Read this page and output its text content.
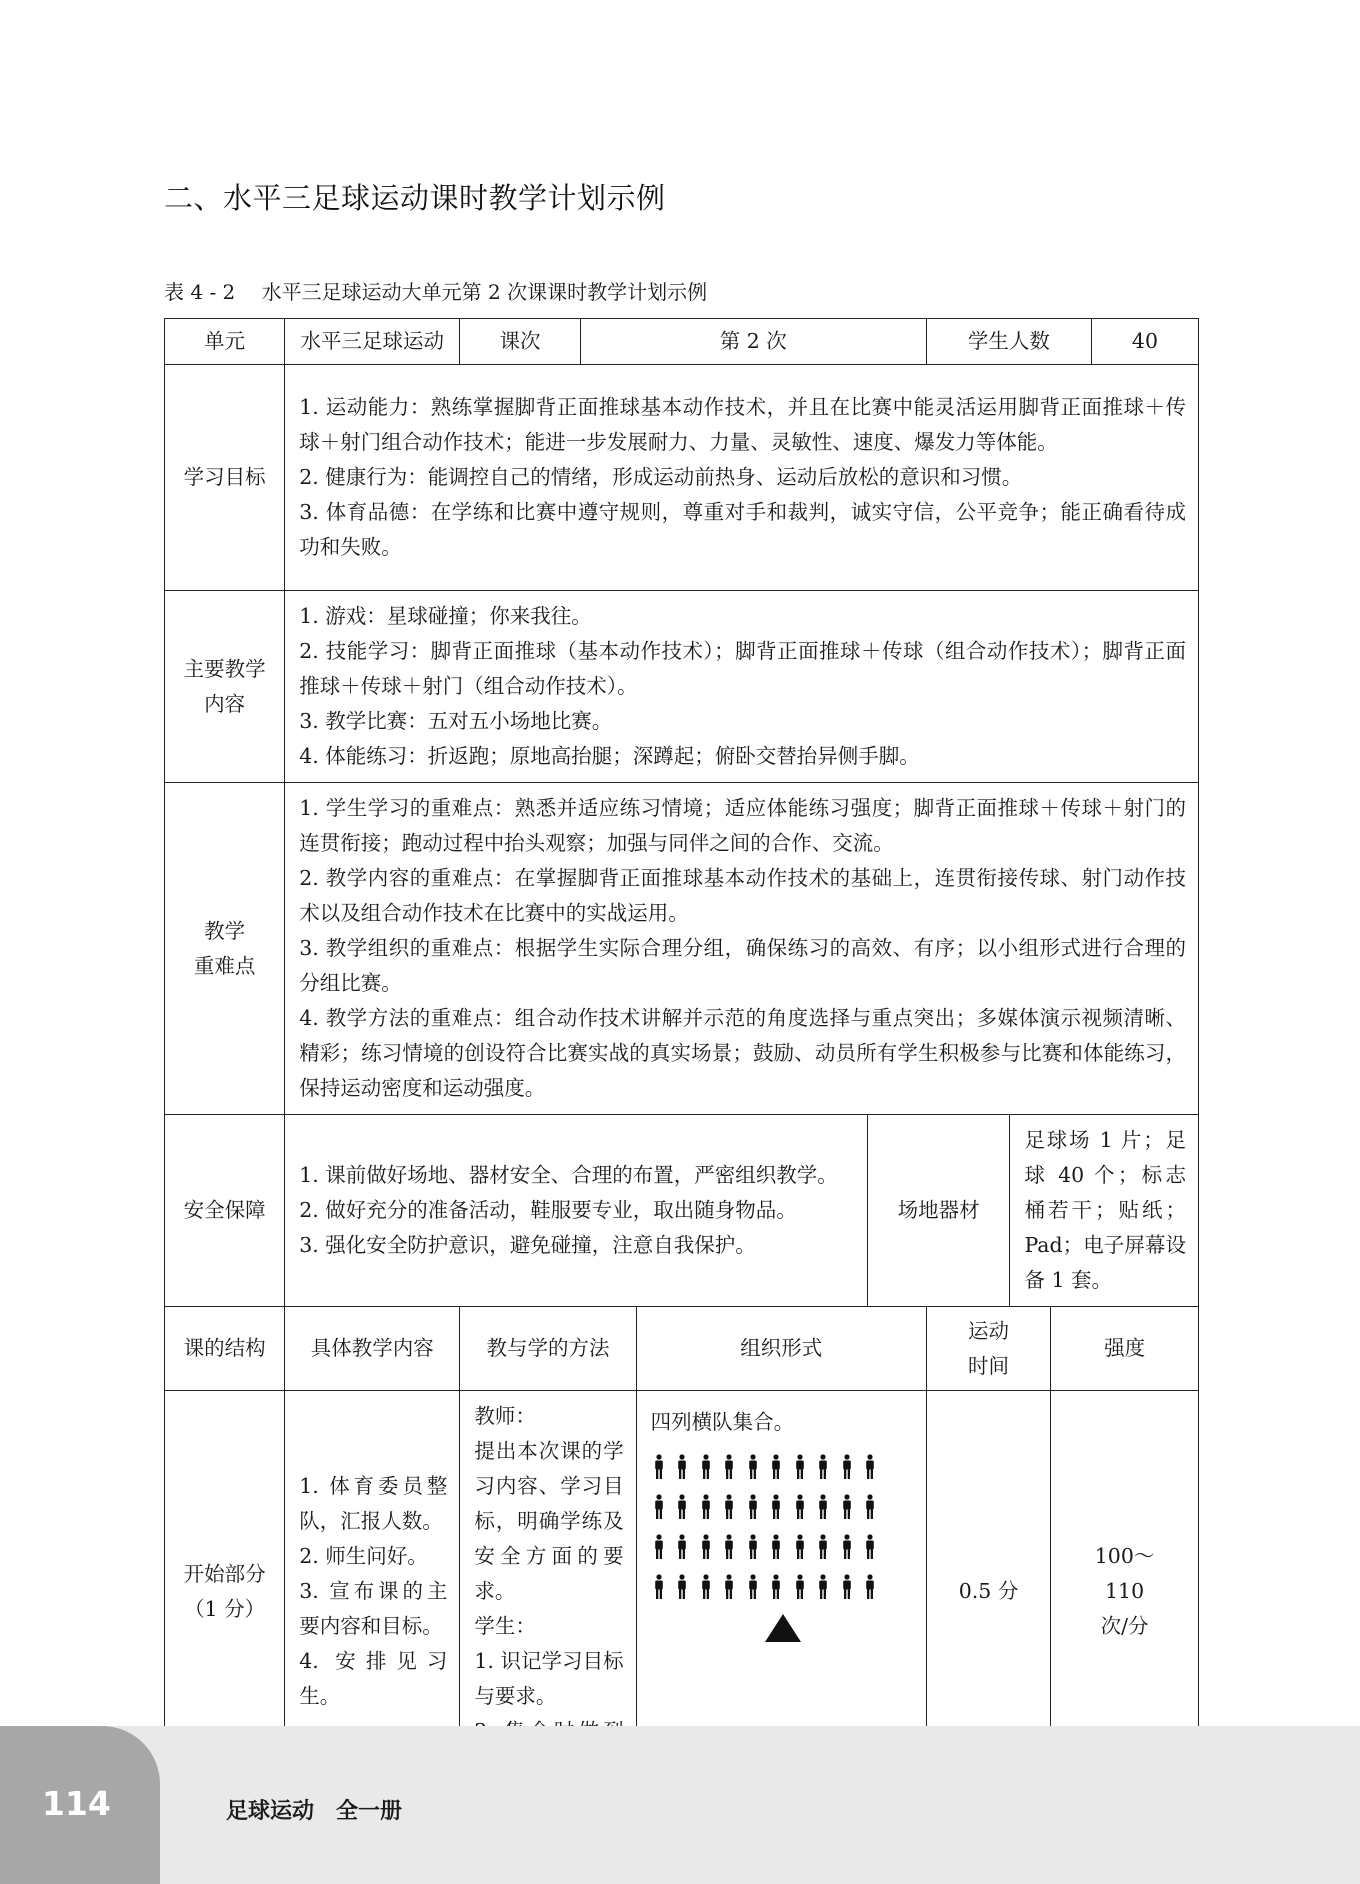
二、水平三足球运动课时教学计划示例
表 4 - 2 水平三足球运动大单元第 2 次课课时教学计划示例
单元	水平三足球运动	课次	第 2 次			学生人数			40
学习目标	1. 运动能力：熟练掌握脚背正面推球基本动作技术，并且在比赛中能灵活运用脚背正面推球＋传球＋射门组合动作技术；能进一步发展耐力、力量、灵敏性、速度、爆发力等体能。
2. 健康行为：能调控自己的情绪，形成运动前热身、运动后放松的意识和习惯。
3. 体育品德：在学练和比赛中遵守规则，尊重对手和裁判，诚实守信，公平竞争；能正确看待成功和失败。								

主要教学
内容	1. 游戏：星球碰撞；你来我往。
2. 技能学习：脚背正面推球（基本动作技术）；脚背正面推球＋传球（组合动作技术）；脚背正面推球＋传球＋射门（组合动作技术）。
3. 教学比赛：五对五小场地比赛。
4. 体能练习：折返跑；原地高抬腿；深蹲起；俯卧交替抬异侧手脚。								

教学
重难点	1. 学生学习的重难点：熟悉并适应练习情境；适应体能练习强度；脚背正面推球＋传球＋射门的连贯衔接；跑动过程中抬头观察；加强与同伴之间的合作、交流。
2. 教学内容的重难点：在掌握脚背正面推球基本动作技术的基础上，连贯衔接传球、射门动作技术以及组合动作技术在比赛中的实战运用。
3. 教学组织的重难点：根据学生实际合理分组，确保练习的高效、有序；以小组形式进行合理的分组比赛。
4. 教学方法的重难点：组合动作技术讲解并示范的角度选择与重点突出；多媒体演示视频清晰、精彩；练习情境的创设符合比赛实战的真实场景；鼓励、动员所有学生积极参与比赛和体能练习，保持运动密度和运动强度。								

安全保障	1. 课前做好场地、器材安全、合理的布置，严密组织教学。
2. 做好充分的准备活动，鞋服要专业，取出随身物品。
3. 强化安全防护意识，避免碰撞，注意自我保护。				场地器材		足球场 1 片；足球 40 个；标志桶若干；贴纸；Pad；电子屏幕设备 1 套。		
课的结构	具体教学内容	教与学的方法		组织形式		运动
时间		强度	

开始部分
（1 分）	1. 体育委员整队，汇报人数。
2. 师生问好。
3. 宣布课的主要内容和目标。
4. 安排见习生。	教师：
提出本次课的学习内容、学习目标，明确学练及安全方面的要求。
学生：
1. 识记学习目标与要求。		四列横队集合。		0.5 分		100～
110
次/分	
114	足球运动 全一册
